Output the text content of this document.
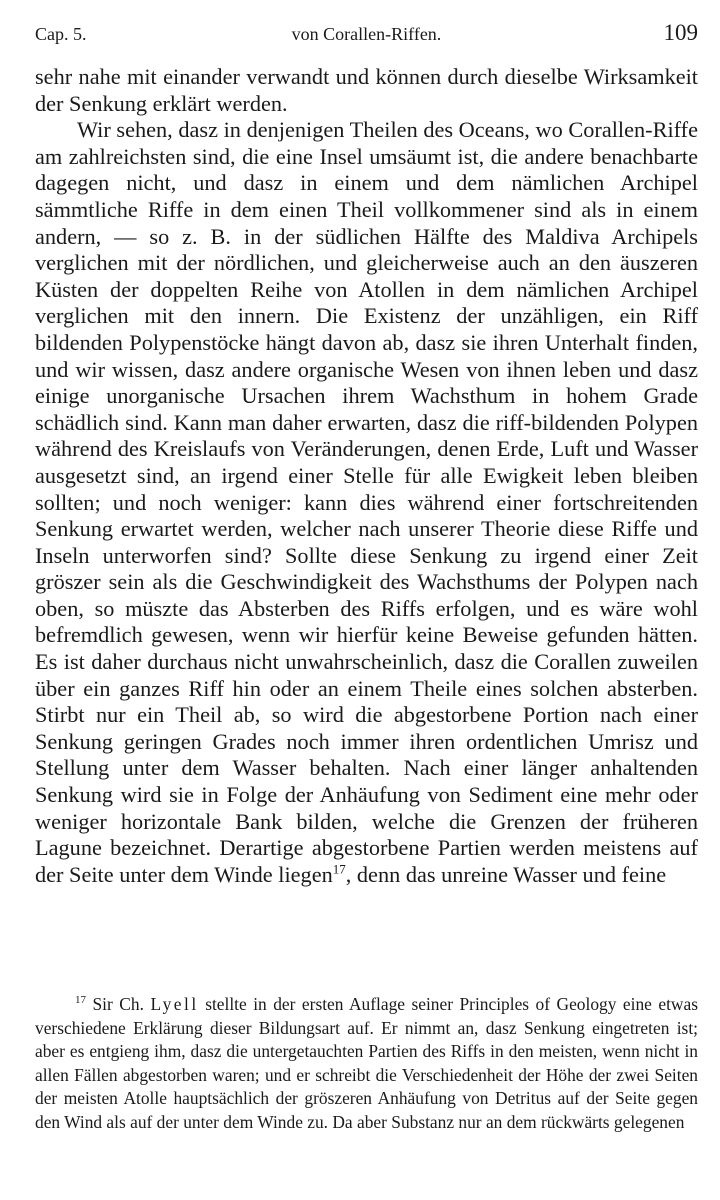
Cap. 5.	von Corallen-Riffen.	109

sehr nahe mit einander verwandt und können durch dieselbe Wirksamkeit der Senkung erklärt werden.

Wir sehen, dasz in denjenigen Theilen des Oceans, wo Corallen-Riffe am zahlreichsten sind, die eine Insel umsäumt ist, die andere benachbarte dagegen nicht, und dasz in einem und dem nämlichen Archipel sämmtliche Riffe in dem einen Theil vollkommener sind als in einem andern, — so z. B. in der südlichen Hälfte des Maldiva Archipels verglichen mit der nördlichen, und gleicherweise auch an den äuszeren Küsten der doppelten Reihe von Atollen in dem nämlichen Archipel verglichen mit den innern. Die Existenz der unzähligen, ein Riff bildenden Polypenstöcke hängt davon ab, dasz sie ihren Unterhalt finden, und wir wissen, dasz andere organische Wesen von ihnen leben und dasz einige unorganische Ursachen ihrem Wachsthum in hohem Grade schädlich sind. Kann man daher erwarten, dasz die riff-bildenden Polypen während des Kreislaufs von Veränderungen, denen Erde, Luft und Wasser ausgesetzt sind, an irgend einer Stelle für alle Ewigkeit leben bleiben sollten; und noch weniger: kann dies während einer fortschreitenden Senkung erwartet werden, welcher nach unserer Theorie diese Riffe und Inseln unterworfen sind? Sollte diese Senkung zu irgend einer Zeit gröszer sein als die Geschwindigkeit des Wachsthums der Polypen nach oben, so müszte das Absterben des Riffs erfolgen, und es wäre wohl befremdlich gewesen, wenn wir hierfür keine Beweise gefunden hätten. Es ist daher durchaus nicht unwahrscheinlich, dasz die Corallen zuweilen über ein ganzes Riff hin oder an einem Theile eines solchen absterben. Stirbt nur ein Theil ab, so wird die abgestorbene Portion nach einer Senkung geringen Grades noch immer ihren ordentlichen Umrisz und Stellung unter dem Wasser behalten. Nach einer länger anhaltenden Senkung wird sie in Folge der Anhäufung von Sediment eine mehr oder weniger horizontale Bank bilden, welche die Grenzen der früheren Lagune bezeichnet. Derartige abgestorbene Partien werden meistens auf der Seite unter dem Winde liegen$^{17}$, denn das unreine Wasser und feine

$^{17}$ Sir Ch. Lyell stellte in der ersten Auflage seiner Principles of Geology eine etwas verschiedene Erklärung dieser Bildungsart auf. Er nimmt an, dasz Senkung eingetreten ist; aber es entgieng ihm, dasz die untergetauchten Partien des Riffs in den meisten, wenn nicht in allen Fällen abgestorben waren; und er schreibt die Verschiedenheit der Höhe der zwei Seiten der meisten Atolle hauptsächlich der gröszeren Anhäufung von Detritus auf der Seite gegen den Wind als auf der unter dem Winde zu. Da aber Substanz nur an dem rückwärts gelegenen
